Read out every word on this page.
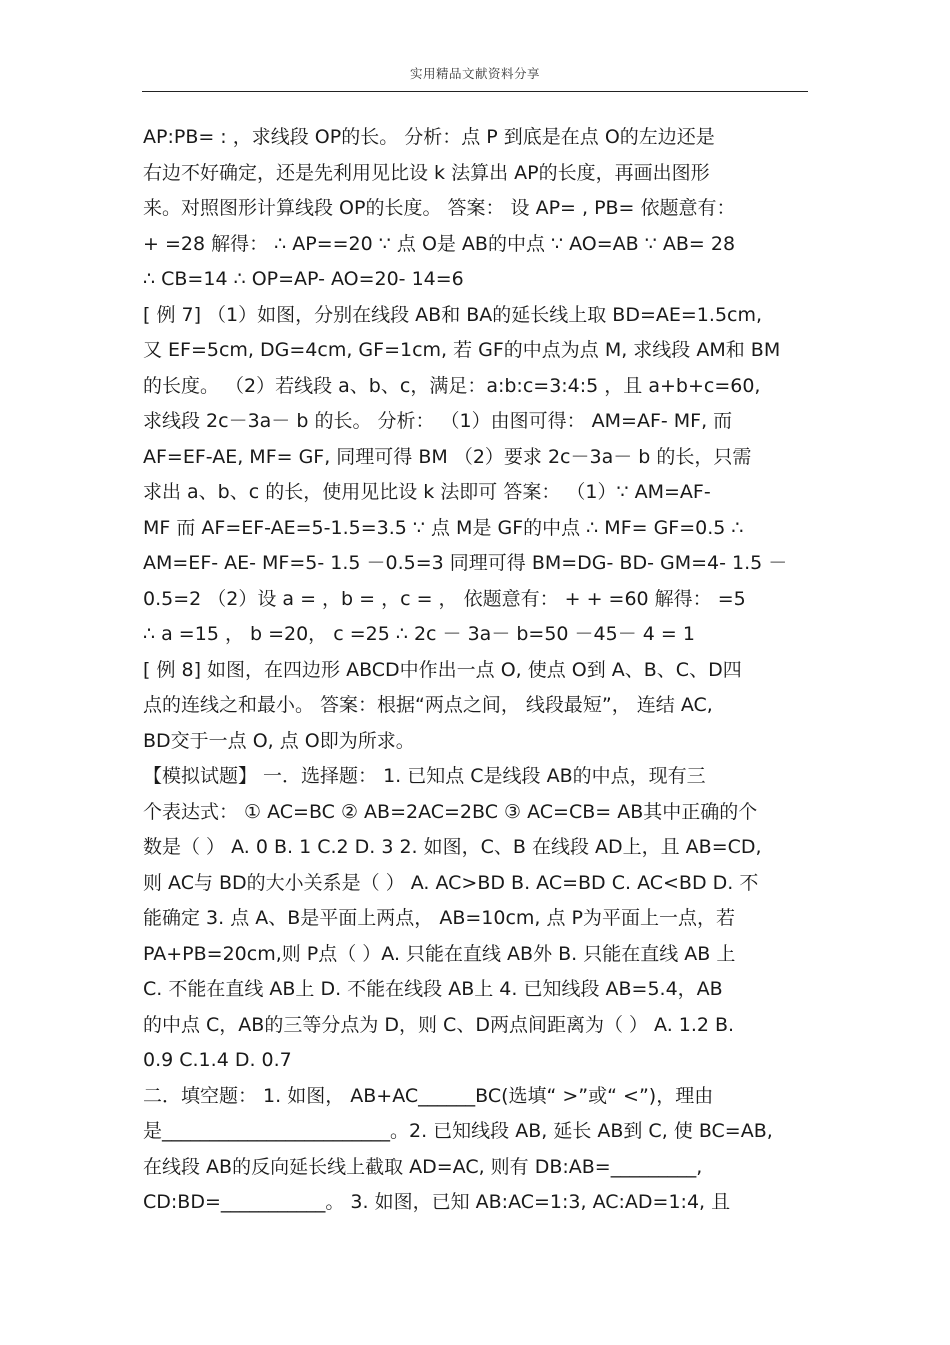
实用精品文献资料分享
AP:PB= : ，求线段 OP的长。 分析：点 P 到底是在点 O的左边还是
右边不好确定，还是先利用见比设 k 法算出 AP的长度，再画出图形
来。对照图形计算线段 OP的长度。 答案： 设 AP= , PB= 依题意有：
+ =28 解得： ∴ AP==20 ∵ 点 O是 AB的中点 ∵ AO=AB ∵ AB= 28
∴ CB=14 ∴ OP=AP- AO=20- 14=6
[ 例 7] （1）如图，分别在线段 AB和 BA的延长线上取 BD=AE=1.5cm,
又 EF=5cm, DG=4cm, GF=1cm, 若 GF的中点为点 M, 求线段 AM和 BM
的长度。 （2）若线段 a、b、c，满足：a:b:c=3:4:5 ，且 a+b+c=60,
求线段 2c－3a－ b 的长。 分析： （1）由图可得： AM=AF- MF, 而
AF=EF-AE, MF= GF, 同理可得 BM （2）要求 2c－3a－ b 的长，只需
求出 a、b、c 的长，使用见比设 k 法即可 答案： （1）∵ AM=AF-
MF 而 AF=EF-AE=5-1.5=3.5 ∵ 点 M是 GF的中点 ∴ MF= GF=0.5 ∴
AM=EF- AE- MF=5- 1.5 －0.5=3 同理可得 BM=DG- BD- GM=4- 1.5 －
0.5=2 （2）设 a = ，b = ，c = ， 依题意有： + + =60 解得： =5
∴ a =15 ， b =20， c =25 ∴ 2c － 3a－ b=50 －45－ 4 = 1
[ 例 8] 如图，在四边形 ABCD中作出一点 O, 使点 O到 A、B、C、D四
点的连线之和最小。 答案：根据“两点之间， 线段最短”， 连结 AC,
BD交于一点 O, 点 O即为所求。
【模拟试题】 一．选择题： 1. 已知点 C是线段 AB的中点，现有三
个表达式： ① AC=BC ② AB=2AC=2BC ③ AC=CB= AB其中正确的个
数是（ ） A. 0 B. 1 C.2 D. 3 2. 如图，C、B 在线段 AD上，且 AB=CD,
则 AC与 BD的大小关系是（ ） A. AC>BD B. AC=BD C. AC<BD D. 不
能确定 3. 点 A、B是平面上两点， AB=10cm, 点 P为平面上一点，若
PA+PB=20cm,则 P点（ ）A. 只能在直线 AB外 B. 只能在直线 AB 上
C. 不能在直线 AB上 D. 不能在线段 AB上 4. 已知线段 AB=5.4，AB
的中点 C，AB的三等分点为 D，则 C、D两点间距离为（ ） A. 1.2 B.
0.9 C.1.4 D. 0.7
二．填空题： 1. 如图， AB+AC______BC(选填“ >”或“ <”)，理由
是________________________。2. 已知线段 AB, 延长 AB到 C, 使 BC=AB,
在线段 AB的反向延长线上截取 AD=AC, 则有 DB:AB=_________,
CD:BD=___________。 3. 如图，已知 AB:AC=1:3, AC:AD=1:4, 且
